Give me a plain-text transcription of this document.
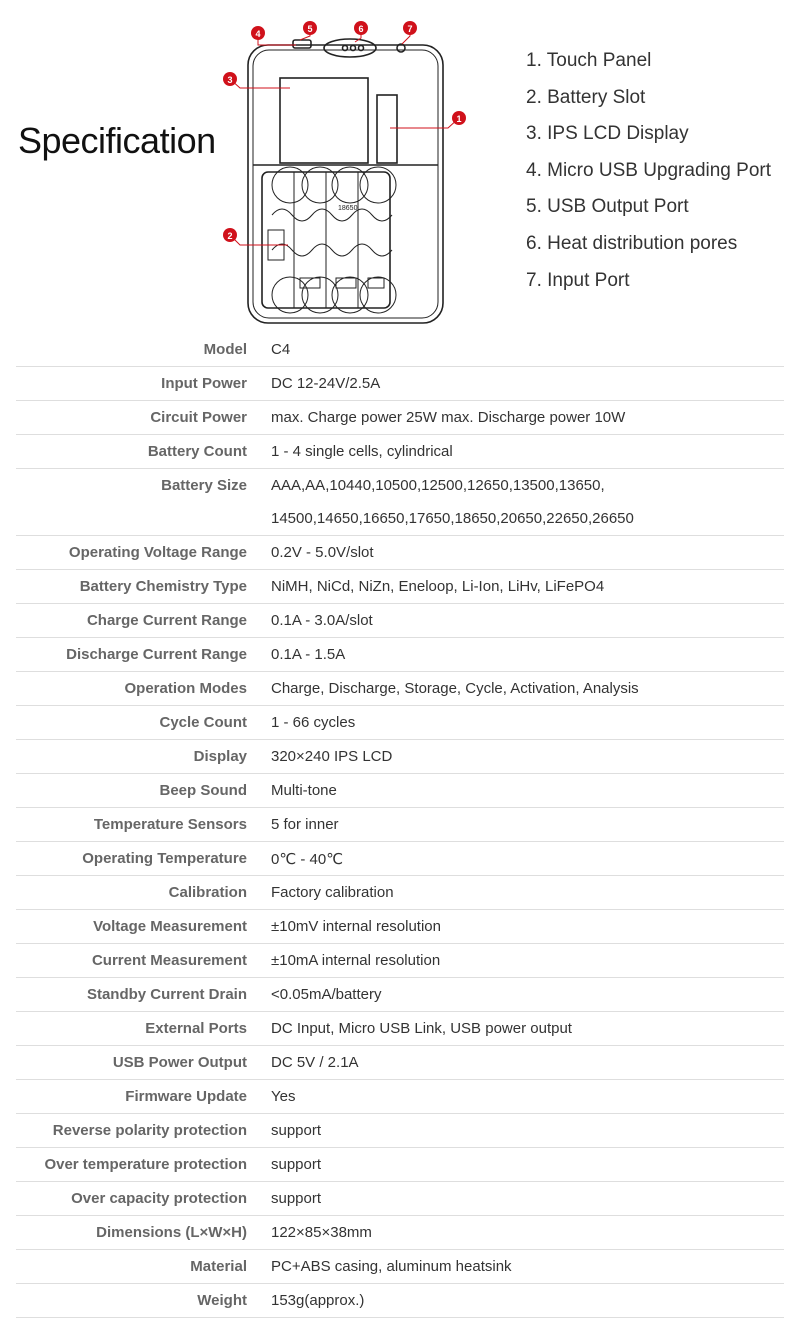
Specification
18650
4	5	6	7
3
1
2
1. Touch Panel
2. Battery Slot
3. IPS LCD Display
4. Micro USB Upgrading Port
5. USB Output Port
6. Heat distribution pores
7. Input Port
Model	C4
Input Power	DC 12-24V/2.5A
Circuit Power	max. Charge power 25W max. Discharge power 10W
Battery Count	1 - 4 single cells, cylindrical
Battery Size	AAA,AA,10440,10500,12500,12650,13500,13650,
	14500,14650,16650,17650,18650,20650,22650,26650
Operating Voltage Range	0.2V - 5.0V/slot
Battery Chemistry Type	NiMH, NiCd, NiZn, Eneloop, Li-Ion, LiHv, LiFePO4
Charge Current Range	0.1A - 3.0A/slot
Discharge Current Range	0.1A - 1.5A
Operation Modes	Charge, Discharge, Storage, Cycle, Activation, Analysis
Cycle Count	1 - 66 cycles
Display	320×240 IPS LCD
Beep Sound	Multi-tone
Temperature Sensors	5 for inner
Operating Temperature	0℃ - 40℃
Calibration	Factory calibration
Voltage Measurement	±10mV internal resolution
Current Measurement	±10mA internal resolution
Standby Current Drain	<0.05mA/battery
External Ports	DC Input, Micro USB Link, USB power output
USB Power Output	DC 5V / 2.1A
Firmware Update	Yes
Reverse polarity protection	support
Over temperature protection	support
Over capacity protection	support
Dimensions (L×W×H)	122×85×38mm
Material	PC+ABS casing, aluminum heatsink
Weight	153g(approx.)
